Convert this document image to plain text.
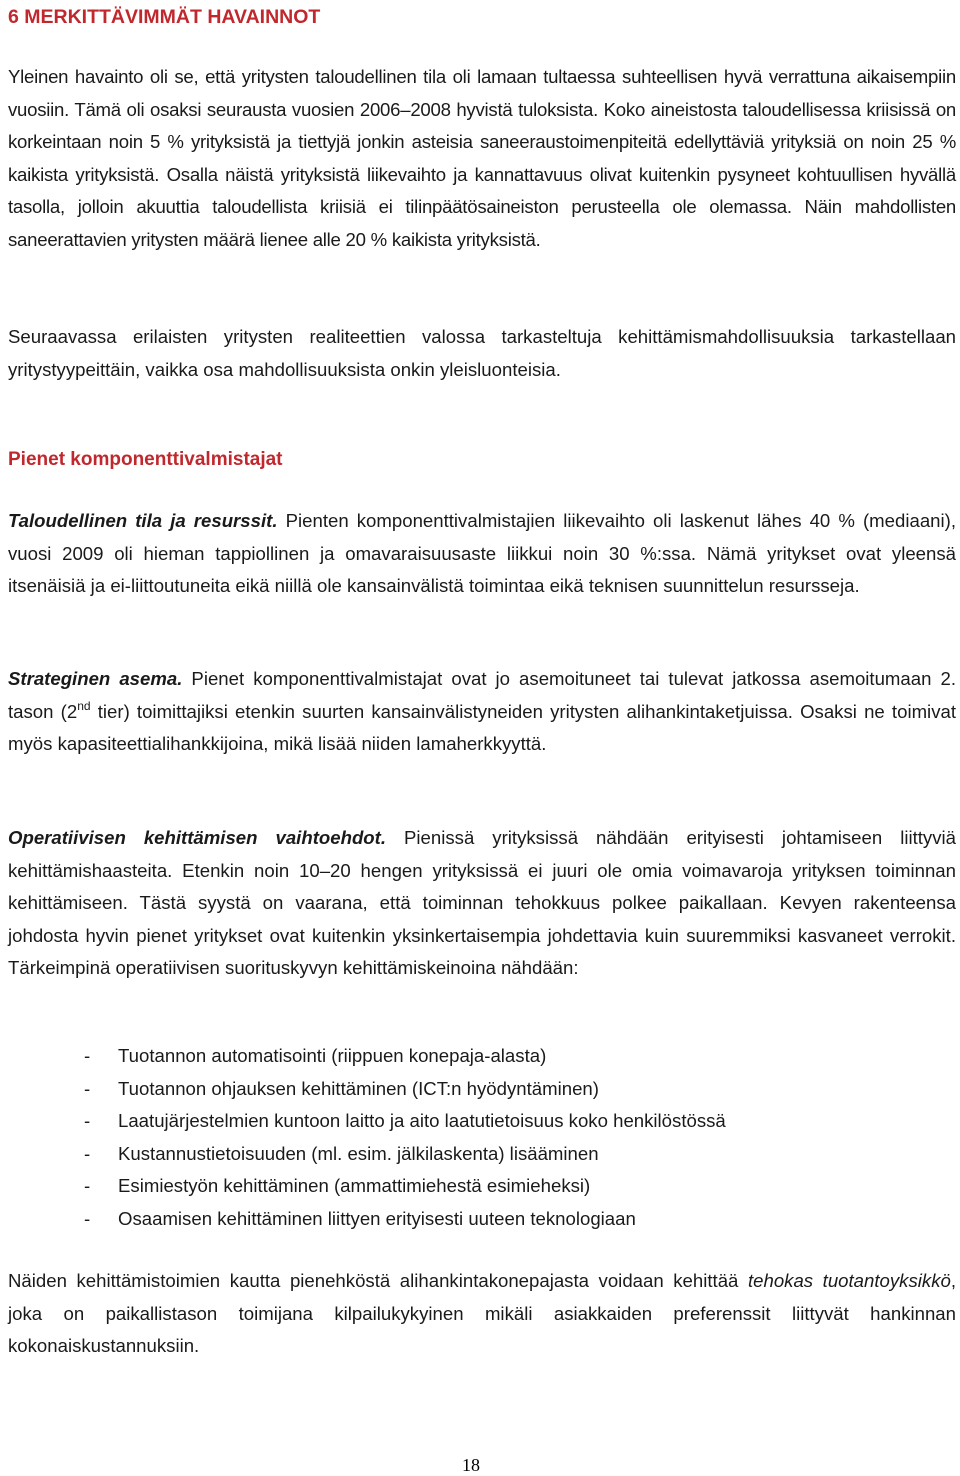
6 MERKITTÄVIMMÄT HAVAINNOT

Yleinen havainto oli se, että yritysten taloudellinen tila oli lamaan tultaessa suhteellisen hyvä verrattuna aikaisempiin vuosiin. Tämä oli osaksi seurausta vuosien 2006–2008 hyvistä tuloksista. Koko aineistosta taloudellisessa kriisissä on korkeintaan noin 5 % yrityksistä ja tiettyjä jonkin asteisia saneeraustoimenpiteitä edellyttäviä yrityksiä on noin 25 % kaikista yrityksistä. Osalla näistä yrityksistä liikevaihto ja kannattavuus olivat kuitenkin pysyneet kohtuullisen hyvällä tasolla, jolloin akuuttia taloudellista kriisiä ei tilinpäätösaineiston perusteella ole olemassa. Näin mahdollisten saneerattavien yritysten määrä lienee alle 20 % kaikista yrityksistä.

Seuraavassa erilaisten yritysten realiteettien valossa tarkasteltuja kehittämismahdollisuuksia tarkastellaan yritystyypeittäin, vaikka osa mahdollisuuksista onkin yleisluonteisia.

Pienet komponenttivalmistajat

Taloudellinen tila ja resurssit. Pienten komponenttivalmistajien liikevaihto oli laskenut lähes 40 % (mediaani), vuosi 2009 oli hieman tappiollinen ja omavaraisuusaste liikkui noin 30 %:ssa. Nämä yritykset ovat yleensä itsenäisiä ja ei-liittoutuneita eikä niillä ole kansainvälistä toimintaa eikä teknisen suunnittelun resursseja.

Strateginen asema. Pienet komponenttivalmistajat ovat jo asemoituneet tai tulevat jatkossa asemoitumaan 2. tason (2nd tier) toimittajiksi etenkin suurten kansainvälistyneiden yritysten alihankintaketjuissa. Osaksi ne toimivat myös kapasiteettialihankkijoina, mikä lisää niiden lamaherkkyyttä.

Operatiivisen kehittämisen vaihtoehdot. Pienissä yrityksissä nähdään erityisesti johtamiseen liittyviä kehittämishaasteita. Etenkin noin 10–20 hengen yrityksissä ei juuri ole omia voimavaroja yrityksen toiminnan kehittämiseen. Tästä syystä on vaarana, että toiminnan tehokkuus polkee paikallaan. Kevyen rakenteensa johdosta hyvin pienet yritykset ovat kuitenkin yksinkertaisempia johdettavia kuin suuremmiksi kasvaneet verrokit. Tärkeimpinä operatiivisen suorituskyvyn kehittämiskeinoina nähdään:

- Tuotannon automatisointi (riippuen konepaja-alasta)
- Tuotannon ohjauksen kehittäminen (ICT:n hyödyntäminen)
- Laatujärjestelmien kuntoon laitto ja aito laatutietoisuus koko henkilöstössä
- Kustannustietoisuuden (ml. esim. jälkilaskenta) lisääminen
- Esimiestyön kehittäminen (ammattimiehestä esimieheksi)
- Osaamisen kehittäminen liittyen erityisesti uuteen teknologiaan

Näiden kehittämistoimien kautta pienehköstä alihankintakonepajasta voidaan kehittää tehokas tuotantoyksikkö, joka on paikallistason toimijana kilpailukykyinen mikäli asiakkaiden preferenssit liittyvät hankinnan kokonaiskustannuksiin.

18
